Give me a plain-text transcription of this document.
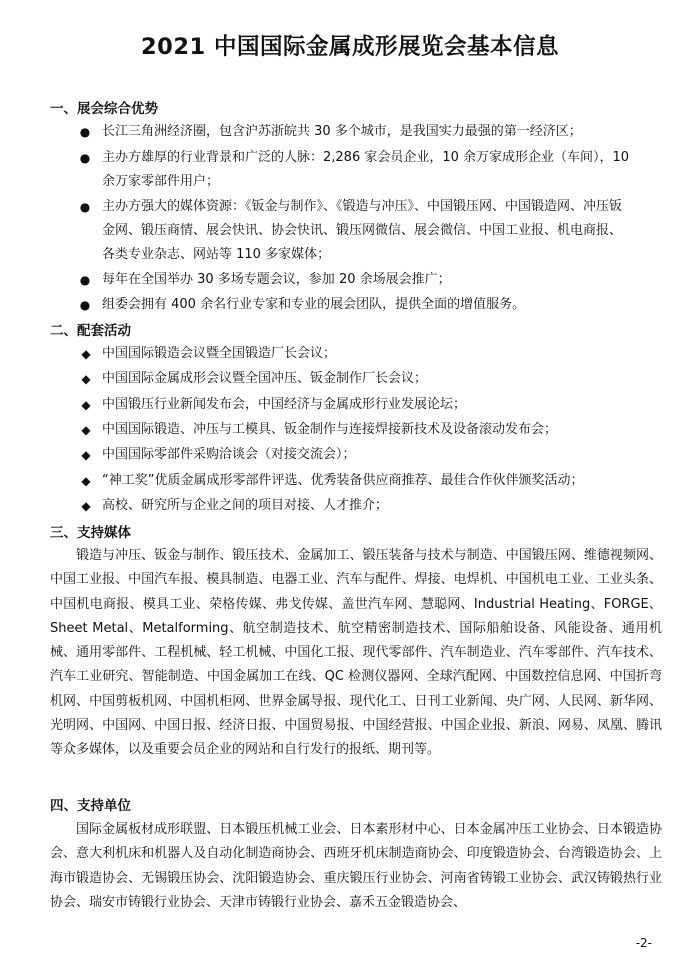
2021 中国国际金属成形展览会基本信息
一、展会综合优势
● 长江三角洲经济圈，包含沪苏浙皖共 30 多个城市，是我国实力最强的第一经济区；
● 主办方雄厚的行业背景和广泛的人脉：2,286 家会员企业，10 余万家成形企业（车间），10
余万家零部件用户；
● 主办方强大的媒体资源：《钣金与制作》、《锻造与冲压》、中国锻压网、中国锻造网、冲压钣
金网、锻压商情、展会快讯、协会快讯、锻压网微信、展会微信、中国工业报、机电商报、
各类专业杂志、网站等 110 多家媒体；
● 每年在全国举办 30 多场专题会议，参加 20 余场展会推广；
● 组委会拥有 400 余名行业专家和专业的展会团队，提供全面的增值服务。
二、配套活动
◆ 中国国际锻造会议暨全国锻造厂长会议；
◆ 中国国际金属成形会议暨全国冲压、钣金制作厂长会议；
◆ 中国锻压行业新闻发布会，中国经济与金属成形行业发展论坛；
◆ 中国国际锻造、冲压与工模具、钣金制作与连接焊接新技术及设备滚动发布会；
◆ 中国国际零部件采购洽谈会（对接交流会）；
◆ “神工奖”优质金属成形零部件评选、优秀装备供应商推荐、最佳合作伙伴颁奖活动；
◆ 高校、研究所与企业之间的项目对接、人才推介；
三、支持媒体
锻造与冲压、钣金与制作、锻压技术、金属加工、锻压装备与技术与制造、中国锻压网、维德视频网、中国工业报、中国汽车报、模具制造、电器工业、汽车与配件、焊接、电焊机、中国机电工业、工业头条、中国机电商报、模具工业、荣格传媒、弗戈传媒、盖世汽车网、慧聪网、Industrial Heating、FORGE、Sheet Metal、Metalforming、航空制造技术、航空精密制造技术、国际船舶设备、风能设备、通用机械、通用零部件、工程机械、轻工机械、中国化工报、现代零部件、汽车制造业、汽车零部件、汽车技术、汽车工业研究、智能制造、中国金属加工在线、QC 检测仪器网、全球汽配网、中国数控信息网、中国折弯机网、中国剪板机网、中国机柜网、世界金属导报、现代化工、日刊工业新闻、央广网、人民网、新华网、光明网、中国网、中国日报、经济日报、中国贸易报、中国经营报、中国企业报、新浪、网易、凤凰、腾讯等众多媒体，以及重要会员企业的网站和自行发行的报纸、期刊等。
四、支持单位
国际金属板材成形联盟、日本锻压机械工业会、日本素形材中心、日本金属冲压工业协会、日本锻造协会、意大利机床和机器人及自动化制造商协会、西班牙机床制造商协会、印度锻造协会、台湾锻造协会、上海市锻造协会、无锡锻压协会、沈阳锻造协会、重庆锻压行业协会、河南省铸锻工业协会、武汉铸锻热行业协会、瑞安市铸锻行业协会、天津市铸锻行业协会、嘉禾五金锻造协会、
-2-
